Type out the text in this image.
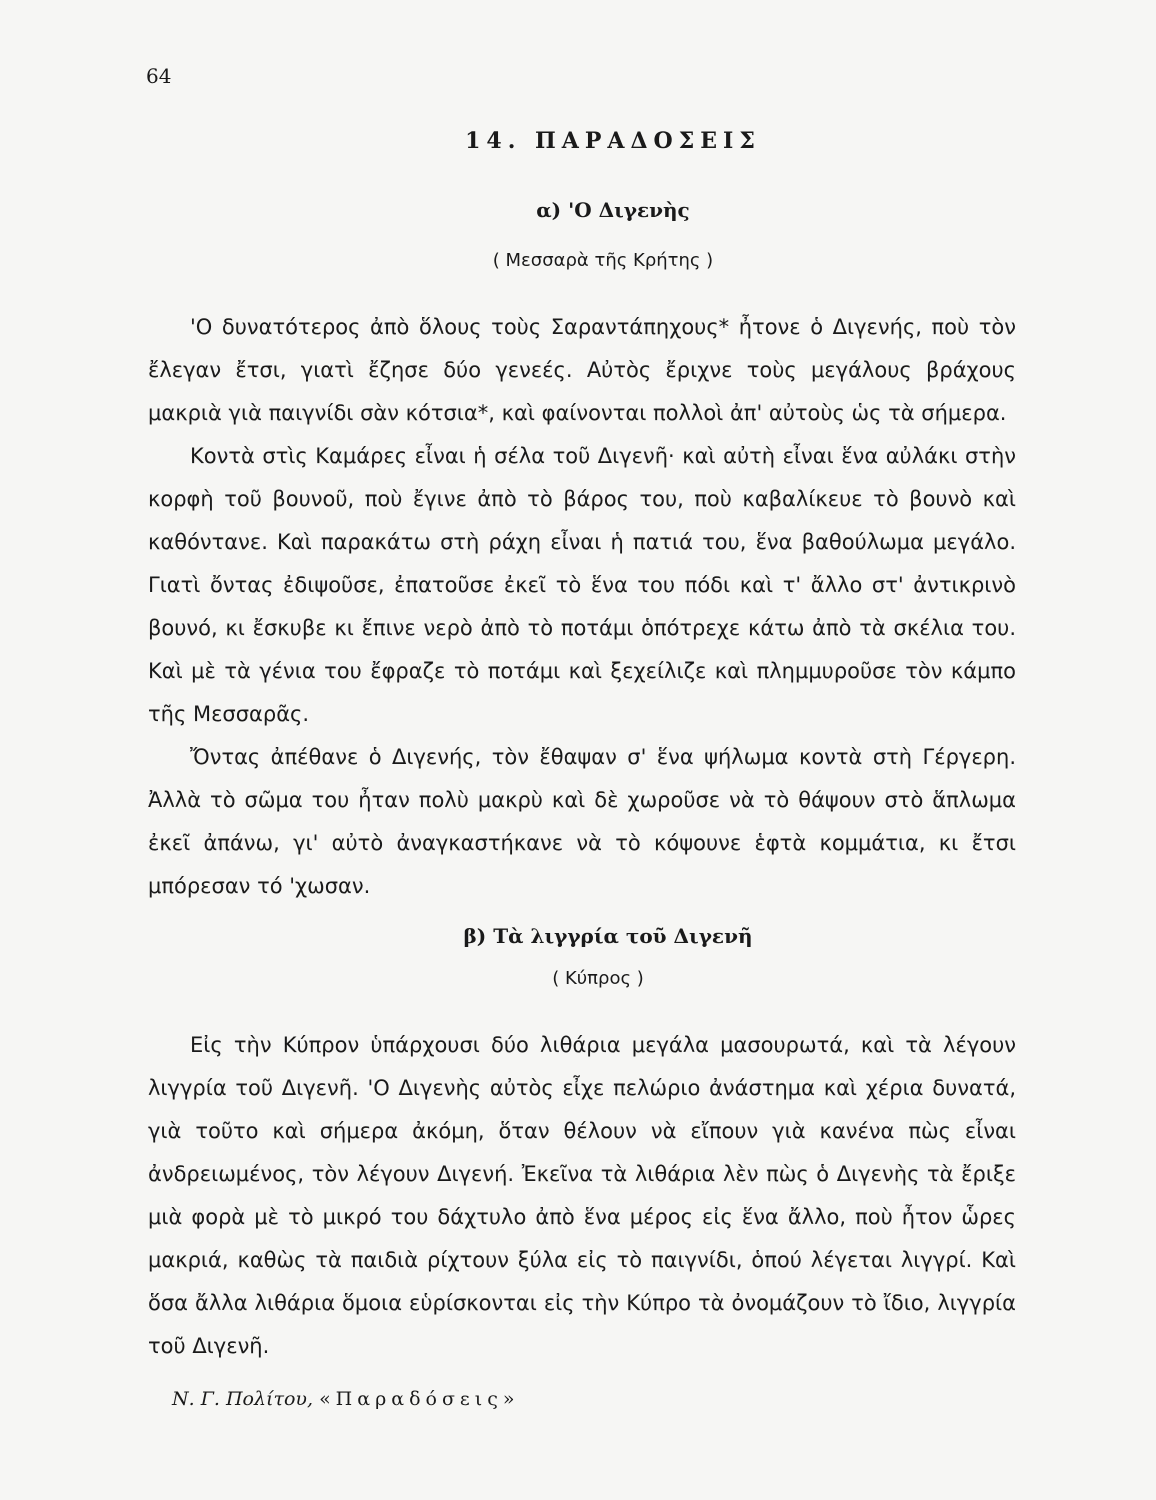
64
14. ΠΑΡΑΔΟΣΕΙΣ
α) 'Ο Διγενὴς
( Μεσσαρὰ τῆς Κρήτης )

'Ο δυνατότερος ἀπὸ ὅλους τοὺς Σαραντάπηχους* ἦτονε ὁ Διγενής, ποὺ τὸν ἔλεγαν ἔτσι, γιατὶ ἔζησε δύο γενεές. Αὐτὸς ἔριχνε τοὺς μεγάλους βράχους μακριὰ γιὰ παιγνίδι σὰν κότσια*, καὶ φαίνονται πολλοὶ ἀπ' αὐτοὺς ὡς τὰ σήμερα.

Κοντὰ στὶς Καμάρες εἶναι ἡ σέλα τοῦ Διγενῆ· καὶ αὐτὴ εἶναι ἕνα αὐλάκι στὴν κορφὴ τοῦ βουνοῦ, ποὺ ἔγινε ἀπὸ τὸ βάρος του, ποὺ καβαλίκευε τὸ βουνὸ καὶ καθόντανε. Καὶ παρακάτω στὴ ράχη εἶναι ἡ πατιά του, ἕνα βαθούλωμα μεγάλο. Γιατὶ ὄντας ἐδιψοῦσε, ἐπατοῦσε ἐκεῖ τὸ ἕνα του πόδι καὶ τ' ἄλλο στ' ἀντικρινὸ βουνό, κι ἔσκυβε κι ἔπινε νερὸ ἀπὸ τὸ ποτάμι ὁπότρεχε κάτω ἀπὸ τὰ σκέλια του. Καὶ μὲ τὰ γένια του ἔφραζε τὸ ποτάμι καὶ ξεχείλιζε καὶ πλημμυροῦσε τὸν κάμπο τῆς Μεσσαρᾶς.

Ὄντας ἀπέθανε ὁ Διγενής, τὸν ἔθαψαν σ' ἕνα ψήλωμα κοντὰ στὴ Γέργερη. Ἀλλὰ τὸ σῶμα του ἦταν πολὺ μακρὺ καὶ δὲ χωροῦσε νὰ τὸ θάψουν στὸ ἅπλωμα ἐκεῖ ἀπάνω, γι' αὐτὸ ἀναγκαστήκανε νὰ τὸ κόψουνε ἑφτὰ κομμάτια, κι ἔτσι μπόρεσαν τό 'χωσαν.

β) Τὰ λιγγρία τοῦ Διγενῆ
( Κύπρος )

Εἰς τὴν Κύπρον ὑπάρχουσι δύο λιθάρια μεγάλα μασουρωτά, καὶ τὰ λέγουν λιγγρία τοῦ Διγενῆ. 'Ο Διγενὴς αὐτὸς εἶχε πελώριο ἀνάστημα καὶ χέρια δυνατά, γιὰ τοῦτο καὶ σήμερα ἀκόμη, ὅταν θέλουν νὰ εἴπουν γιὰ κανένα πὼς εἶναι ἀνδρειωμένος, τὸν λέγουν Διγενή. Ἐκεῖνα τὰ λιθάρια λὲν πὼς ὁ Διγενὴς τὰ ἔριξε μιὰ φορὰ μὲ τὸ μικρό του δάχτυλο ἀπὸ ἕνα μέρος εἰς ἕνα ἄλλο, ποὺ ἦτον ὧρες μακριά, καθὼς τὰ παιδιὰ ρίχτουν ξύλα εἰς τὸ παιγνίδι, ὁπού λέγεται λιγγρί. Καὶ ὅσα ἄλλα λιθάρια ὅμοια εὑρίσκονται εἰς τὴν Κύπρο τὰ ὀνομάζουν τὸ ἴδιο, λιγγρία τοῦ Διγενῆ.

Ν. Γ. Πολίτου, «Παραδόσεις»
